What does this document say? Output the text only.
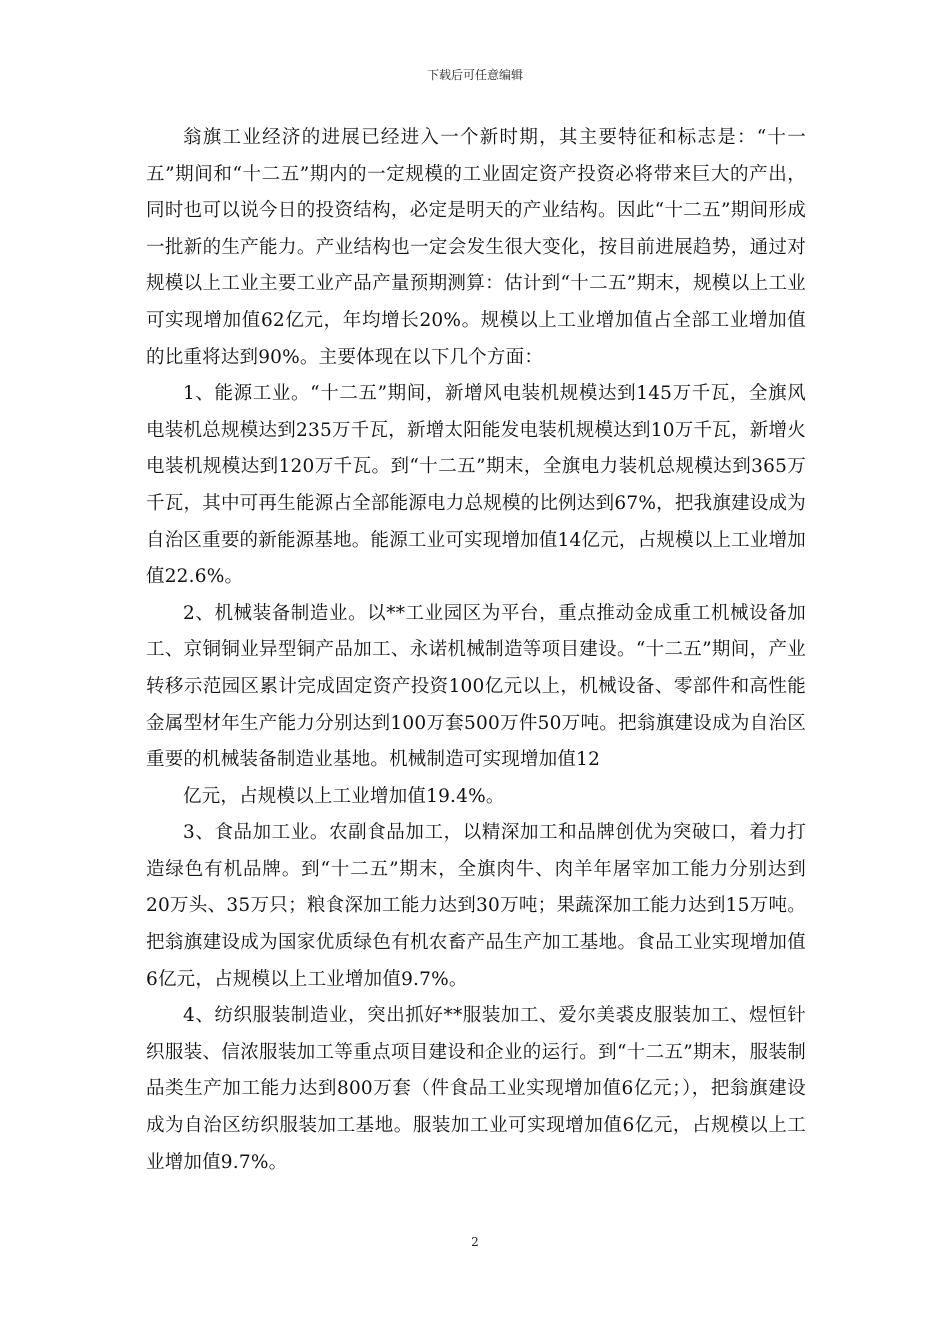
下载后可任意编辑

翁旗工业经济的进展已经进入一个新时期，其主要特征和标志是：“十一五”期间和“十二五”期内的一定规模的工业固定资产投资必将带来巨大的产出，同时也可以说今日的投资结构，必定是明天的产业结构。因此“十二五”期间形成一批新的生产能力。产业结构也一定会发生很大变化，按目前进展趋势，通过对规模以上工业主要工业产品产量预期测算：估计到“十二五”期末，规模以上工业可实现增加值62亿元，年均增长20%。规模以上工业增加值占全部工业增加值的比重将达到90%。主要体现在以下几个方面：

1、能源工业。“十二五”期间，新增风电装机规模达到145万千瓦，全旗风电装机总规模达到235万千瓦，新增太阳能发电装机规模达到10万千瓦，新增火电装机规模达到120万千瓦。到“十二五”期末，全旗电力装机总规模达到365万千瓦，其中可再生能源占全部能源电力总规模的比例达到67%，把我旗建设成为自治区重要的新能源基地。能源工业可实现增加值14亿元，占规模以上工业增加值22.6%。

2、机械装备制造业。以**工业园区为平台，重点推动金成重工机械设备加工、京铜铜业异型铜产品加工、永诺机械制造等项目建设。“十二五”期间，产业转移示范园区累计完成固定资产投资100亿元以上，机械设备、零部件和高性能金属型材年生产能力分别达到100万套500万件50万吨。把翁旗建设成为自治区重要的机械装备制造业基地。机械制造可实现增加值12

亿元，占规模以上工业增加值19.4%。

3、食品加工业。农副食品加工，以精深加工和品牌创优为突破口，着力打造绿色有机品牌。到“十二五”期末，全旗肉牛、肉羊年屠宰加工能力分别达到20万头、35万只；粮食深加工能力达到30万吨；果蔬深加工能力达到15万吨。把翁旗建设成为国家优质绿色有机农畜产品生产加工基地。食品工业实现增加值6亿元，占规模以上工业增加值9.7%。

4、纺织服装制造业，突出抓好**服装加工、爱尔美裘皮服装加工、煜恒针织服装、信浓服装加工等重点项目建设和企业的运行。到“十二五”期末，服装制品类生产加工能力达到800万套（件食品工业实现增加值6亿元；），把翁旗建设成为自治区纺织服装加工基地。服装加工业可实现增加值6亿元，占规模以上工业增加值9.7%。

2
